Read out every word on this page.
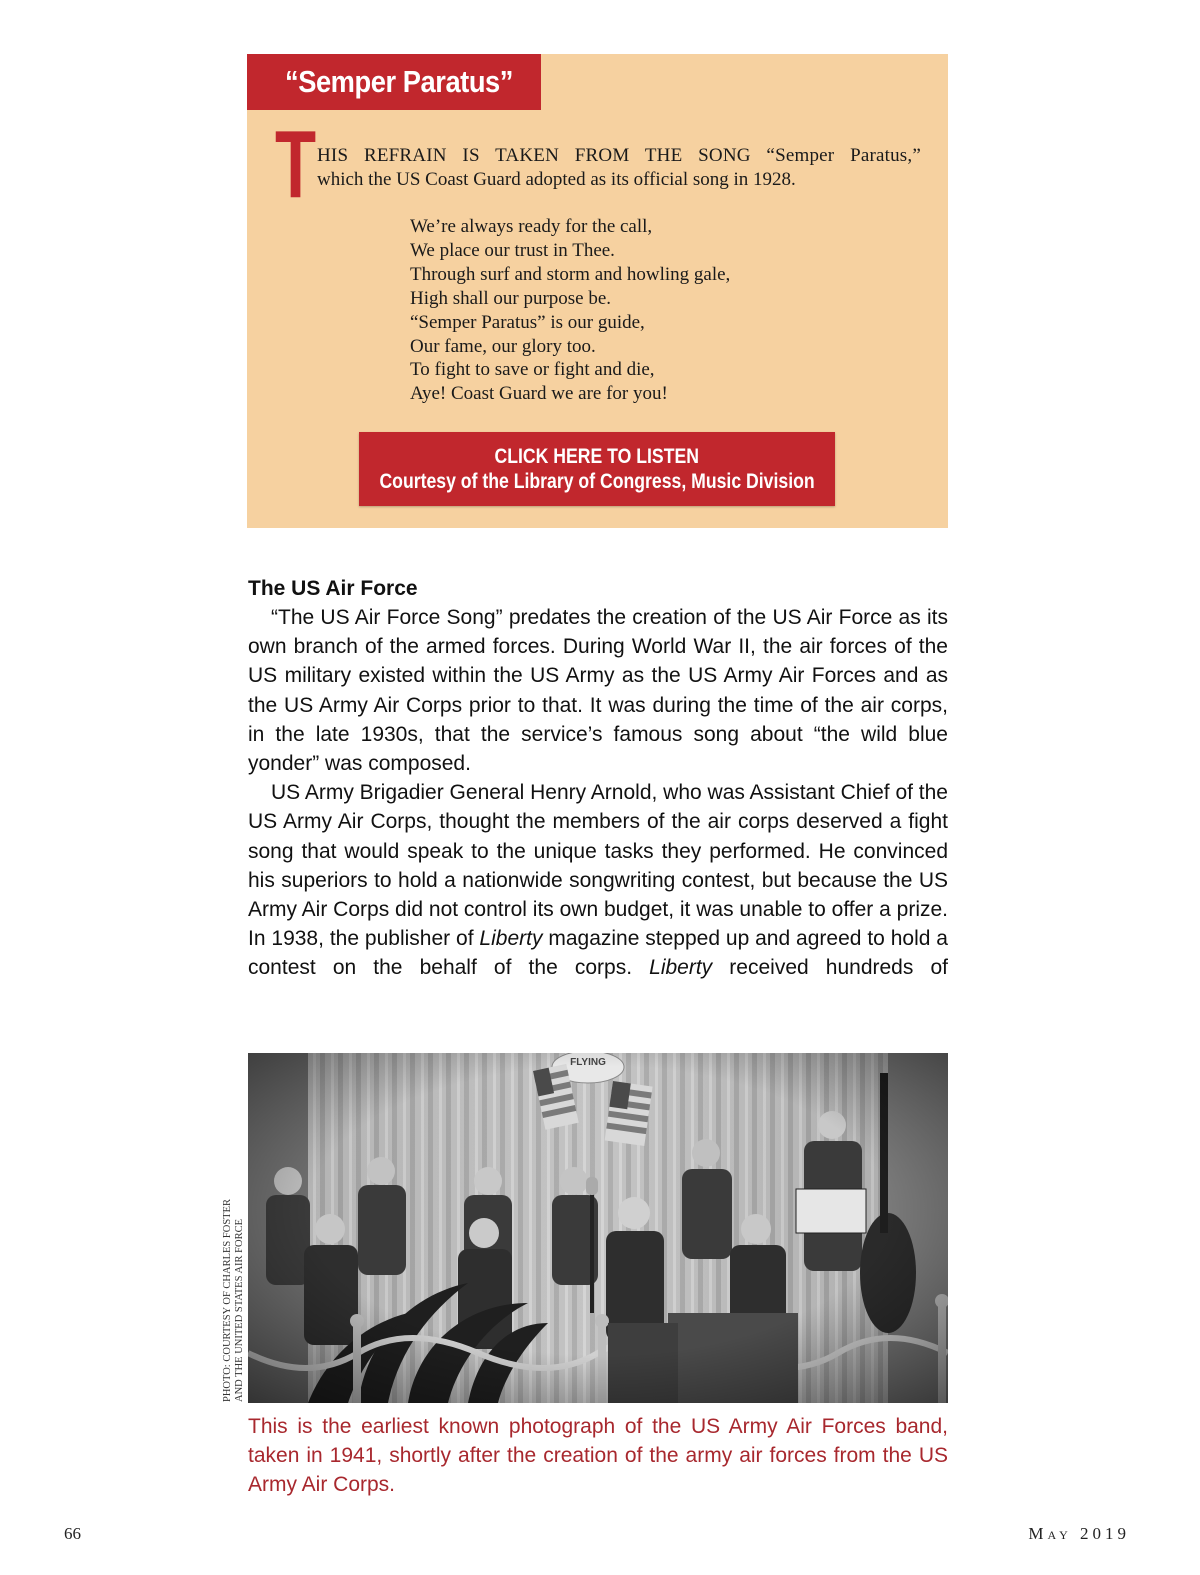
“Semper Paratus”
T HIS REFRAIN IS TAKEN FROM THE SONG “Semper Paratus,”
which the US Coast Guard adopted as its official song in 1928.
We’re always ready for the call,
We place our trust in Thee.
Through surf and storm and howling gale,
High shall our purpose be.
“Semper Paratus” is our guide,
Our fame, our glory too.
To fight to save or fight and die,
Aye! Coast Guard we are for you!
CLICK HERE TO LISTEN
Courtesy of the Library of Congress, Music Division
The US Air Force

“The US Air Force Song” predates the creation of the US Air Force as its own branch of the armed forces. During World War II, the air forces of the US military existed within the US Army as the US Army Air Forces and as the US Army Air Corps prior to that. It was during the time of the air corps, in the late 1930s, that the service’s famous song about “the wild blue yonder” was composed.

US Army Brigadier General Henry Arnold, who was Assistant Chief of the US Army Air Corps, thought the members of the air corps deserved a fight song that would speak to the unique tasks they performed. He convinced his superiors to hold a nationwide songwriting contest, but because the US Army Air Corps did not control its own budget, it was unable to offer a prize. In 1938, the publisher of Liberty magazine stepped up and agreed to hold a contest on the behalf of the corps. Liberty received hundreds of

PHOTO: COURTESY OF CHARLES FOSTER AND THE UNITED STATES AIR FORCE
This is the earliest known photograph of the US Army Air Forces band, taken in 1941, shortly after the creation of the army air forces from the US Army Air Corps.
66	May 2019
